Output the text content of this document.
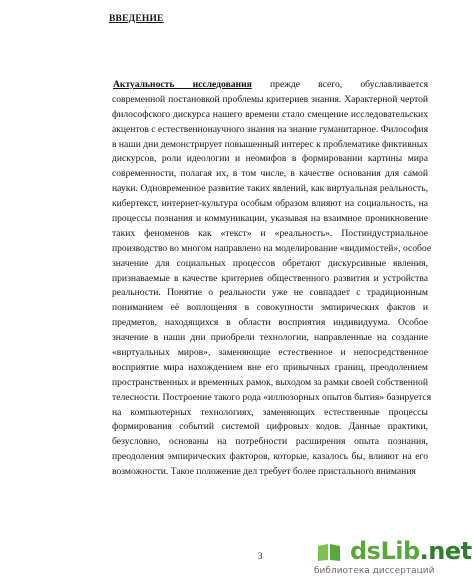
ВВЕДЕНИЕ
Актуальность исследования прежде всего, обуславливается
современной постановкой проблемы критериев знания. Характерной чертой
философского дискурса нашего времени стало смещение исследовательских
акцентов с естественнонаучного знания на знание гуманитарное. Философия
в наши дни демонстрирует повышенный интерес к проблематике фиктивных
дискурсов, роли идеологии и неомифов в формировании картины мира
современности, полагая их, в том числе, в качестве основания для самой
науки. Одновременное развитие таких явлений, как виртуальная реальность,
кибертекст, интернет-культура особым образом влияют на социальность, на
процессы познания и коммуникации, указывая на взаимное проникновение
таких феноменов как «текст» и «реальность». Постиндустриальное
производство во многом направлено на моделирование «видимостей», особое
значение для социальных процессов обретают дискурсивные явления,
признаваемые в качестве критериев общественного развития и устройства
реальности. Понятие о реальности уже не совпадает с традиционным
пониманием её воплощения в совокупности эмпирических фактов и
предметов, находящихся в области восприятия индивидуума. Особое
значение в наши дни приобрели технологии, направленные на создание
«виртуальных миров», заменяющие естественное и непосредственное
восприятие мира нахождением вне его привычных границ, преодолением
пространственных и временных рамок, выходом за рамки своей собственной
телесности. Построение такого рода «иллюзорных опытов бытия» базируется
на компьютерных технологиях, заменяющих естественные процессы
формирования событий системой цифровых кодов. Данные практики,
безусловно, основаны на потребности расширения опыта познания,
преодоления эмпирических факторов, которые, казалось бы, влияют на его
возможности. Такое положение дел требует более пристального внимания
3	dsLib.net
библиотека диссертаций
